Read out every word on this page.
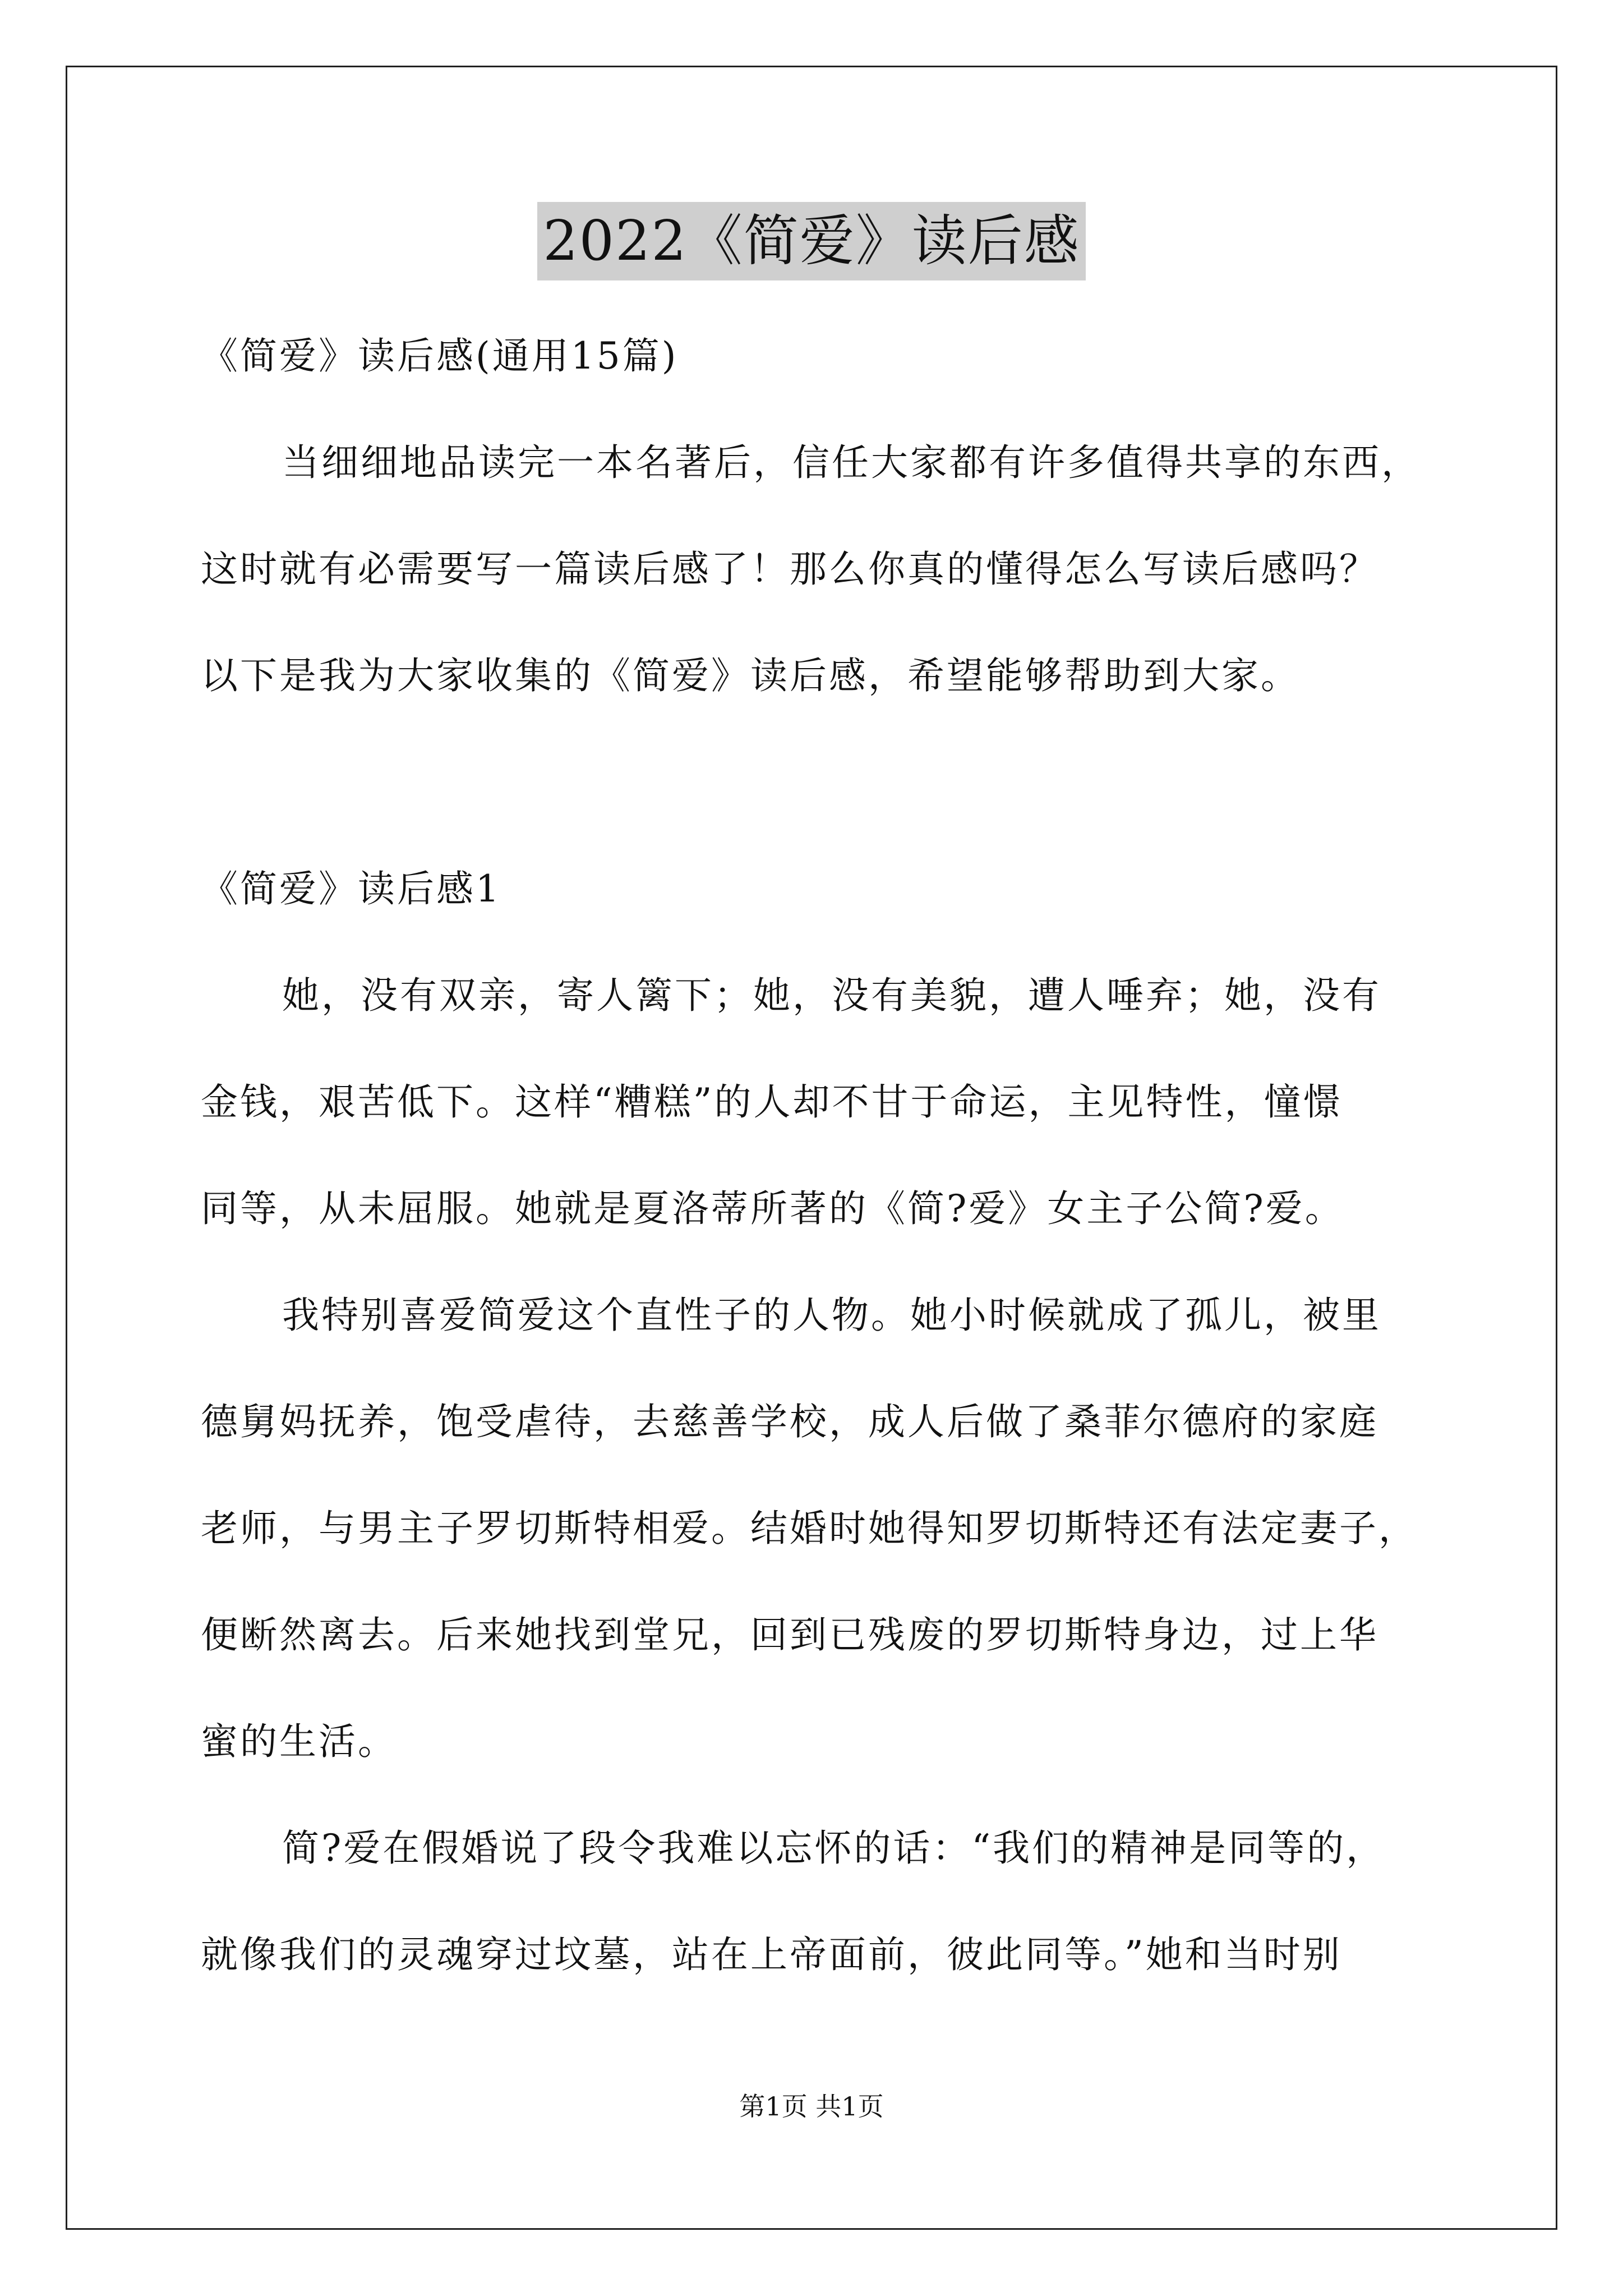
2022《简爱》读后感
《简爱》读后感(通用15篇)
当细细地品读完一本名著后，信任大家都有许多值得共享的东西，
这时就有必需要写一篇读后感了！那么你真的懂得怎么写读后感吗？
以下是我为大家收集的《简爱》读后感，希望能够帮助到大家。
《简爱》读后感1
她，没有双亲，寄人篱下；她，没有美貌，遭人唾弃；她，没有
金钱，艰苦低下。这样“糟糕”的人却不甘于命运，主见特性，憧憬
同等，从未屈服。她就是夏洛蒂所著的《简?爱》女主子公简?爱。
我特别喜爱简爱这个直性子的人物。她小时候就成了孤儿，被里
德舅妈抚养，饱受虐待，去慈善学校，成人后做了桑菲尔德府的家庭
老师，与男主子罗切斯特相爱。结婚时她得知罗切斯特还有法定妻子，
便断然离去。后来她找到堂兄，回到已残废的罗切斯特身边，过上华
蜜的生活。
简?爱在假婚说了段令我难以忘怀的话：“我们的精神是同等的，
就像我们的灵魂穿过坟墓，站在上帝面前，彼此同等。”她和当时别
第1页 共1页
